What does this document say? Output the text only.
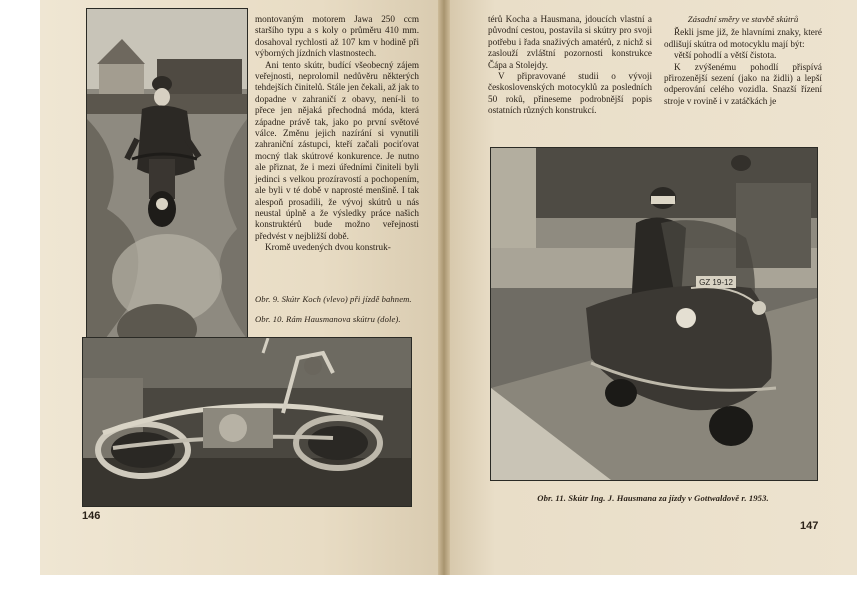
montovaným motorem Jawa 250 ccm staršího typu a s koly o průměru 410 mm. dosahoval rychlosti až 107 km v hodině při výborných jízdních vlastnostech.

Ani tento skútr, budící všeobecný zájem veřejnosti, neprolomil nedůvěru některých tehdejších činitelů. Stále jen čekali, až jak to dopadne v zahraničí z obavy, není-li to přece jen nějaká přechodná módа, která západne právě tak, jako po první světové válce. Změnu jejich nazírání si vynutili zahraniční zástupci, kteří začali pociťovat mocný tlak skútrové konkurence. Je nutno ale přiznat, že i mezi úředními činiteli byli jedinci s velkou prozíravostí a pochopením, ale byli v té době v naprosté menšině. I tak alespoň prosadili, že vývoj skútrů u nás neustal úplně a že výsledky práce našich konstruktérů bude možno veřejnosti předvést v nejbližší době.

Kromě uvedených dvou konstruk-

Obr. 9. Skútr Koch (vlevo) při jízdě bahnem.
Obr. 10. Rám Hausmanova skútru (dole).
146

térů Kocha a Hausmana, jdoucích vlastní a původní cestou, postavila si skútry pro svoji potřebu i řada snaživých amatérů, z nichž si zaslouží zvláštní pozornosti konstrukce Čápa a Stolejdy.

V připravované studii o vývoji československých motocyklů za posledních 50 roků, přineseme podrobnější popis ostatních různých konstrukcí.

Zásadní směry ve stavbě skútrů

Řekli jsme již, že hlavními znaky, které odlišují skútra od motocyklu mají být:

větší pohodlí a větší čistota.

K zvýšenému pohodlí přispívá přirozenější sezení (jako na židli) a lepší odperování celého vozidla. Snazší řízení stroje v rovině i v zatáčkách je

GZ 19-12
Obr. 11. Skútr Ing. J. Hausmana za jízdy v Gottwaldově r. 1953.
147
